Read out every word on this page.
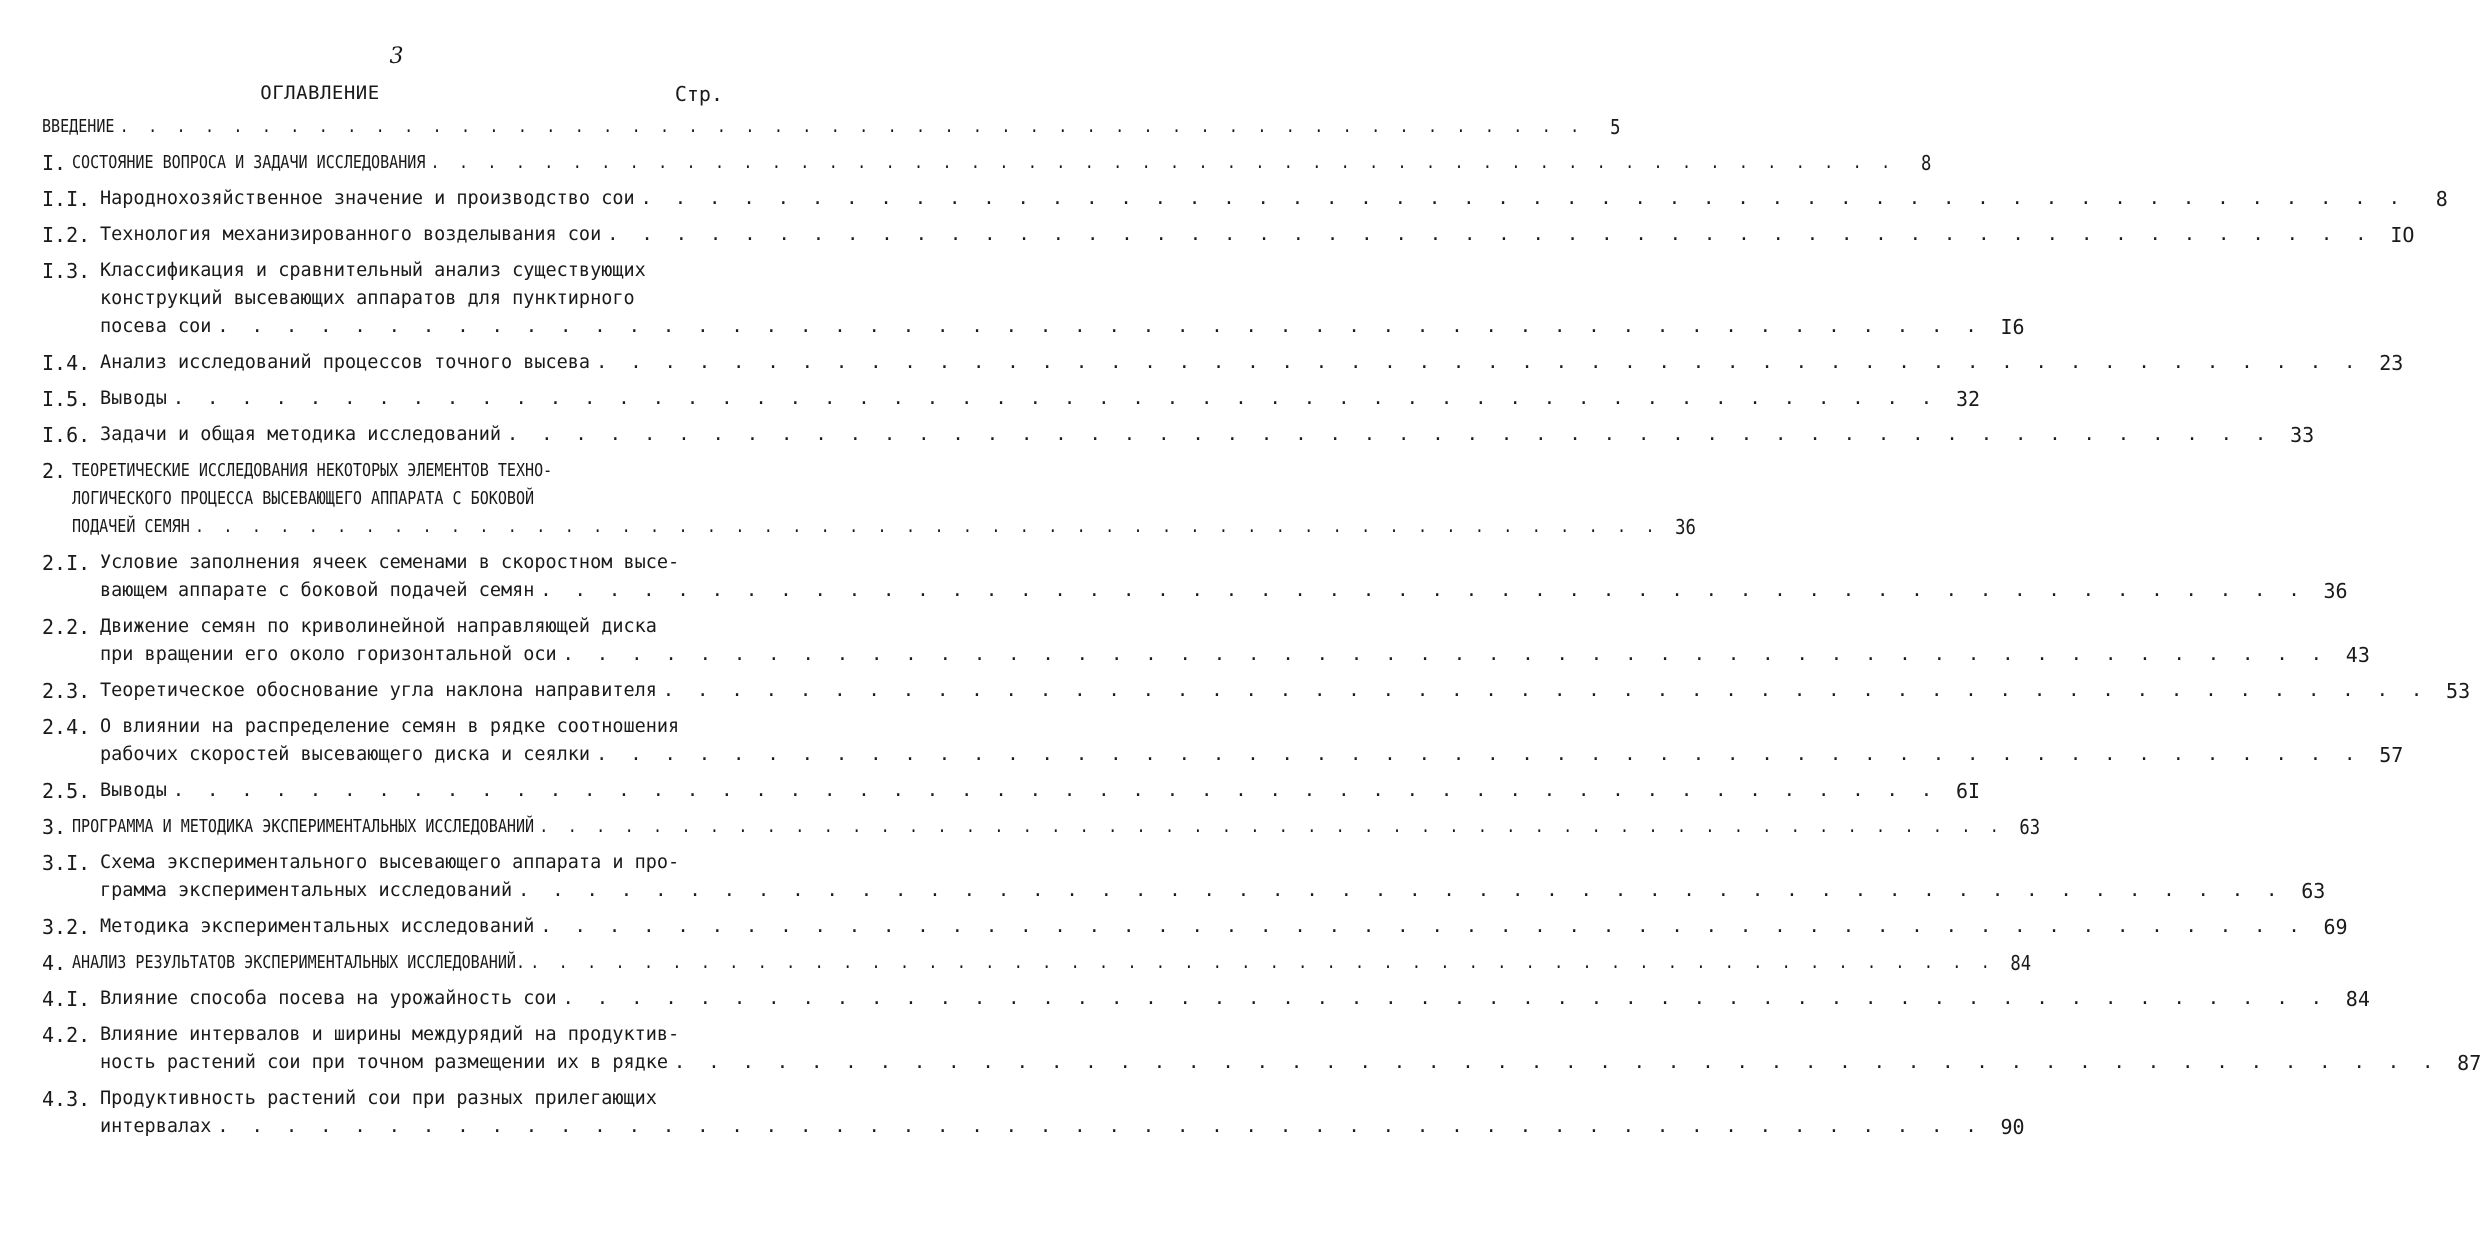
3
ОГЛАВЛЕНИЕ	Стр.
ВВЕДЕНИЕ . . . . . . . . . . . . . . . . . . . . . . . . . . . . . . . . . . . . . . . . . . . . . . . . . . . .	5
I. СОСТОЯНИЕ ВОПРОСА И ЗАДАЧИ ИССЛЕДОВАНИЯ . . . . . . . . . . . . . . . . . . . . . . . . . . . . . . . . . . . . . . . . . . . . . . . . . . . .	8
I.I. Народнохозяйственное значение и производство сои . . . . . . . . . . . . . . . . . . . . . . . . . . . . . . . . . . . . . . . . . . . . . . . . . . . .	8
I.2. Технология механизированного возделывания сои . . . . . . . . . . . . . . . . . . . . . . . . . . . . . . . . . . . . . . . . . . . . . . . . . . . . IO
I.3. Классификация и сравнительный анализ существующих
конструкций высевающих аппаратов для пунктирного
посева сои . . . . . . . . . . . . . . . . . . . . . . . . . . . . . . . . . . . . . . . . . . . . . . . . . . . . I6
I.4. Анализ исследований процессов точного высева . . . . . . . . . . . . . . . . . . . . . . . . . . . . . . . . . . . . . . . . . . . . . . . . . . . . 23
I.5. Выводы . . . . . . . . . . . . . . . . . . . . . . . . . . . . . . . . . . . . . . . . . . . . . . . . . . . . 32
I.6. Задачи и общая методика исследований . . . . . . . . . . . . . . . . . . . . . . . . . . . . . . . . . . . . . . . . . . . . . . . . . . . . 33
2. ТЕОРЕТИЧЕСКИЕ ИССЛЕДОВАНИЯ НЕКОТОРЫХ ЭЛЕМЕНТОВ ТЕХНО-
ЛОГИЧЕСКОГО ПРОЦЕССА ВЫСЕВАЮЩЕГО АППАРАТА С БОКОВОЙ
ПОДАЧЕЙ СЕМЯН . . . . . . . . . . . . . . . . . . . . . . . . . . . . . . . . . . . . . . . . . . . . . . . . . . . . 36
2.I. Условие заполнения ячеек семенами в скоростном высе-
вающем аппарате с боковой подачей семян . . . . . . . . . . . . . . . . . . . . . . . . . . . . . . . . . . . . . . . . . . . . . . . . . . . . 36
2.2. Движение семян по криволинейной направляющей диска
при вращении его около горизонтальной оси . . . . . . . . . . . . . . . . . . . . . . . . . . . . . . . . . . . . . . . . . . . . . . . . . . . . 43
2.3. Теоретическое обоснование угла наклона направителя . . . . . . . . . . . . . . . . . . . . . . . . . . . . . . . . . . . . . . . . . . . . . . . . . . . . 53
2.4. О влиянии на распределение семян в рядке соотношения
рабочих скоростей высевающего диска и сеялки . . . . . . . . . . . . . . . . . . . . . . . . . . . . . . . . . . . . . . . . . . . . . . . . . . . . 57
2.5. Выводы . . . . . . . . . . . . . . . . . . . . . . . . . . . . . . . . . . . . . . . . . . . . . . . . . . . . 6I
3. ПРОГРАММА И МЕТОДИКА ЭКСПЕРИМЕНТАЛЬНЫХ ИССЛЕДОВАНИЙ . . . . . . . . . . . . . . . . . . . . . . . . . . . . . . . . . . . . . . . . . . . . . . . . . . . . 63
3.I. Схема экспериментального высевающего аппарата и про-
грамма экспериментальных исследований . . . . . . . . . . . . . . . . . . . . . . . . . . . . . . . . . . . . . . . . . . . . . . . . . . . . 63
3.2. Методика экспериментальных исследований . . . . . . . . . . . . . . . . . . . . . . . . . . . . . . . . . . . . . . . . . . . . . . . . . . . . 69
4. АНАЛИЗ РЕЗУЛЬТАТОВ ЭКСПЕРИМЕНТАЛЬНЫХ ИССЛЕДОВАНИЙ. . . . . . . . . . . . . . . . . . . . . . . . . . . . . . . . . . . . . . . . . . . . . . . . . . . . . 84
4.I. Влияние способа посева на урожайность сои . . . . . . . . . . . . . . . . . . . . . . . . . . . . . . . . . . . . . . . . . . . . . . . . . . . . 84
4.2. Влияние интервалов и ширины междурядий на продуктив-
ность растений сои при точном размещении их в рядке . . . . . . . . . . . . . . . . . . . . . . . . . . . . . . . . . . . . . . . . . . . . . . . . . . . . 87
4.3. Продуктивность растений сои при разных прилегающих
интервалах . . . . . . . . . . . . . . . . . . . . . . . . . . . . . . . . . . . . . . . . . . . . . . . . . . . . 90
